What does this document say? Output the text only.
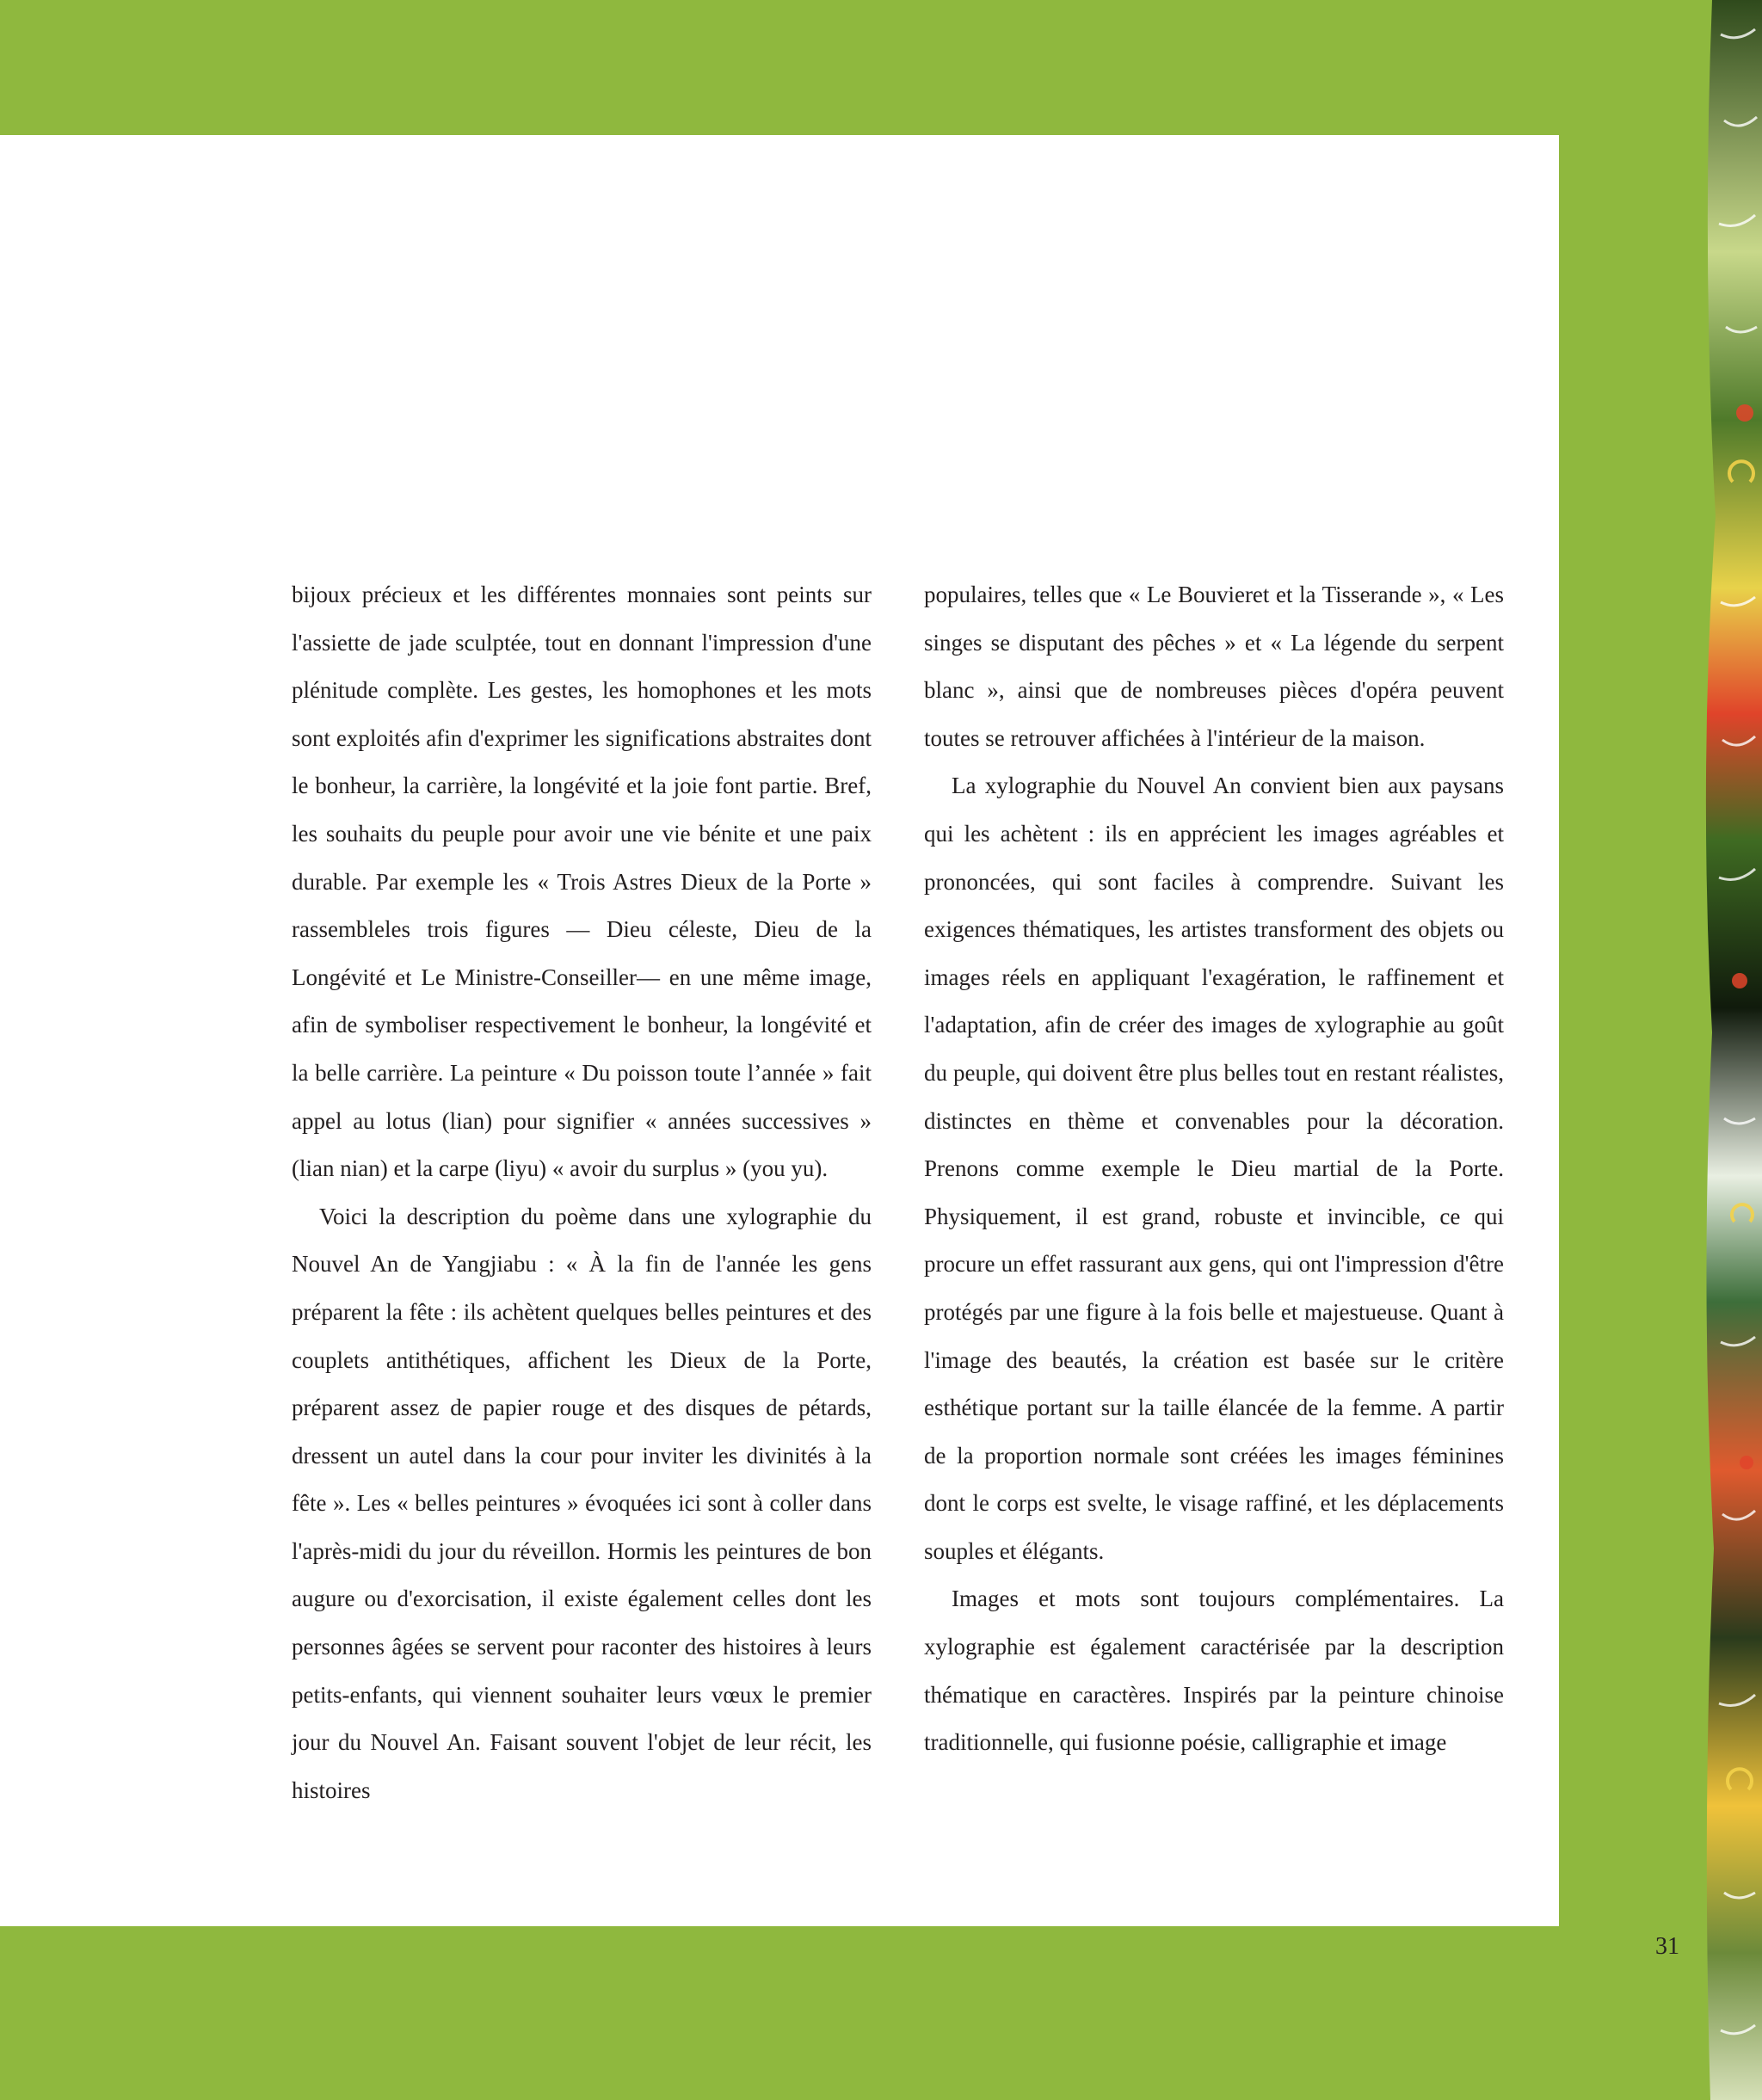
bijoux précieux et les différentes monnaies sont peints sur l'assiette de jade sculptée, tout en donnant l'impression d'une plénitude complète. Les gestes, les homophones et les mots sont exploités afin d'exprimer les significations abstraites dont le bonheur, la carrière, la longévité et la joie font partie. Bref, les souhaits du peuple pour avoir une vie bénite et une paix durable. Par exemple les « Trois Astres Dieux de la Porte » rassembleles trois figures — Dieu céleste, Dieu de la Longévité et Le Ministre-Conseiller— en une même image, afin de symboliser respectivement le bonheur, la longévité et la belle carrière. La peinture « Du poisson toute l’année » fait appel au lotus (lian) pour signifier « années successives » (lian nian) et la carpe (liyu) « avoir du surplus » (you yu).

Voici la description du poème dans une xylographie du Nouvel An de Yangjiabu : « À la fin de l'année les gens préparent la fête : ils achètent quelques belles peintures et des couplets antithétiques, affichent les Dieux de la Porte, préparent assez de papier rouge et des disques de pétards, dressent un autel dans la cour pour inviter les divinités à la fête ». Les « belles peintures » évoquées ici sont à coller dans l'après-midi du jour du réveillon. Hormis les peintures de bon augure ou d'exorcisation, il existe également celles dont les personnes âgées se servent pour raconter des histoires à leurs petits-enfants, qui viennent souhaiter leurs vœux le premier jour du Nouvel An. Faisant souvent l'objet de leur récit, les histoires

populaires, telles que « Le Bouvieret et la Tisserande », « Les singes se disputant des pêches » et « La légende du serpent blanc », ainsi que de nombreuses pièces d'opéra peuvent toutes se retrouver affichées à l'intérieur de la maison.

La xylographie du Nouvel An convient bien aux paysans qui les achètent : ils en apprécient les images agréables et prononcées, qui sont faciles à comprendre. Suivant les exigences thématiques, les artistes transforment des objets ou images réels en appliquant l'exagération, le raffinement et l'adaptation, afin de créer des images de xylographie au goût du peuple, qui doivent être plus belles tout en restant réalistes, distinctes en thème et convenables pour la décoration. Prenons comme exemple le Dieu martial de la Porte. Physiquement, il est grand, robuste et invincible, ce qui procure un effet rassurant aux gens, qui ont l'impression d'être protégés par une figure à la fois belle et majestueuse. Quant à l'image des beautés, la création est basée sur le critère esthétique portant sur la taille élancée de la femme. A partir de la proportion normale sont créées les images féminines dont le corps est svelte, le visage raffiné, et les déplacements souples et élégants.

Images et mots sont toujours complémentaires. La xylographie est également caractérisée par la description thématique en caractères. Inspirés par la peinture chinoise traditionnelle, qui fusionne poésie, calligraphie et image

31
